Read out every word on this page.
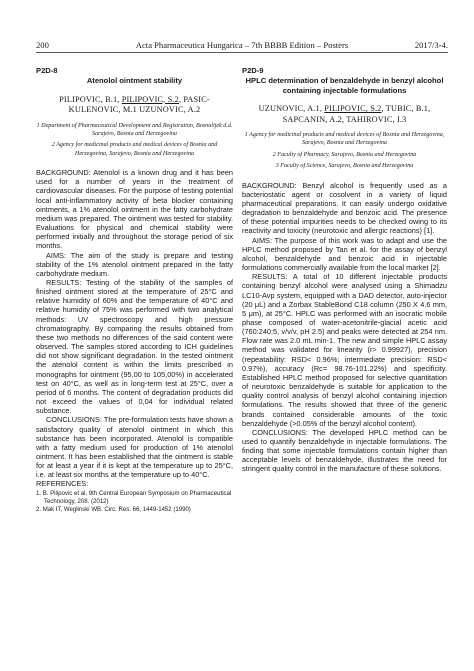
200	Acta Pharmaceutica Hungarica – 7th BBBB Edition – Posters	2017/3-4.

P2D-8

Atenolol ointment stability

PILIPOVIC, B.1, PILIPOVIC, S.2, PASIC-KULENOVIC, M.1 UZUNOVIC, A.2

1 Department of Pharmaceutical Development and Registration, Bosnalijek d.d. Sarajevo, Bosnia and Herzegovina

2 Agency for medicinal products and medical devices of Bosnia and Herzegovina, Sarajevo, Bosnia and Herzegovina

BACKGROUND: Atenolol is a known drug and it has been used for a number of years in the treatment of cardiovascular diseases. For the purpose of testing potential local anti-inflammatory activity of beta blocker containing ointments, a 1% atenolol ointment in the fatty carbohydrate medium was prepared. The ointment was tested for stability. Evaluations for physical and chemical stability were performed initially and throughout the storage period of six months.

AIMS: The aim of the study is prepare and testing stability of the 1% atenolol ointment prepared in the fatty carbohydrate medium.

RESULTS: Testing of the stability of the samples of finished ointment stored at the temperature of 25°C and relative humidity of 60% and the temperature of 40°C and relative humidity of 75% was performed with two analytical methods: UV spectroscopy and high pressure chromatography. By comparing the results obtained from these two methods no differences of the said content were observed. The samples stored according to ICH guidelines did not show significant degradation. In the tested ointment the atenolol content is within the limits prescribed in monographs for ointment (95,00 to 105,00%) in accelerated test on 40°C, as well as in long-term test at 25°C, over a period of 6 months. The content of degradation products did not exceed the values of 0,04 for individual related substance.

CONCLUSIONS: The pre-formulation tests have shown a satisfactory quality of atenolol ointment in which this substance has been incorporated. Atenolol is compatible with a fatty medium used for production of 1% atenolol ointment. It has been established that the ointment is stable for at least a year if it is kept at the temperature up to 25°C, i.e. at least six months at the temperature up to 40°C.

REFERENCES:

1. B. Pilipovic et al, 9th Central European Symposium on Pharmaceutical Technology, 208. (2012)
2. Mak IT, Weglinski WB. Circ. Res. 66, 1449-1452 (1990)

P2D-9

HPLC determination of benzaldehyde in benzyl alcohol containing injectable formulations

UZUNOVIC, A.1, PILIPOVIC, S.2, TUBIC, B.1, SAPCANIN, A.2, TAHIROVIC, I.3

1 Agency for medicinal products and medical devices of Bosnia and Herzegovina, Sarajevo, Bosnia and Herzegovina

2 Faculty of Pharmacy, Sarajevo, Bosnia and Herzegovina

3 Faculty of Science, Sarajevo, Bosnia and Herzegovina

BACKGROUND: Benzyl alcohol is frequently used as a bacteriostatic agent or cosolvent in a variety of liquid pharmaceutical preparations. It can easily undergo oxidative degradation to benzaldehyde and benzoic acid. The presence of these potential impurities needs to be checked owing to its reactivity and toxicity (neurotoxic and allergic reactions) [1].

AIMS: The purpose of this work was to adapt and use the HPLC method proposed by Tan et al. for the assay of benzyl alcohol, benzaldehyde and benzoic acid in injectable formulations commercially available from the local market [2].

RESULTS: A total of 10 different injectable products containing benzyl alcohol were analysed using a Shimadzu LC10-Avp system, equipped with a DAD detector, auto-injector (20 μL) and a Zorbax StableBond C18 column (250 X 4.6 mm, 5 μm), at 25°C. HPLC was performed with an isocratic mobile phase composed of water-acetonitrile-glacial acetic acid (760:240:5, v/v/v, pH 2.5) and peaks were detected at 254 nm. Flow rate was 2.0 mL min-1. The new and simple HPLC assay method was validated for linearity (r> 0.99927), precision (repeatability: RSD< 0.96%; intermediate precision: RSD< 0.97%), accuracy (Rc= 98.76-101.22%) and specificity. Established HPLC method proposed for selective quantitation of neurotoxic benzaldehyde is suitable for application to the quality control analysis of benzyl alcohol containing injection formulations. The results showed that three of the generic brands contained considerable amounts of the toxic benzaldehyde (>0.05% of the benzyl alcohol content).

CONCLUSIONS: The developed HPLC method can be used to quantify benzaldehyde in injectable formulations. The finding that some injectable formulations contain higher than acceptable levels of benzaldehyde, illustrates the need for stringent quality control in the manufacture of these solutions.
